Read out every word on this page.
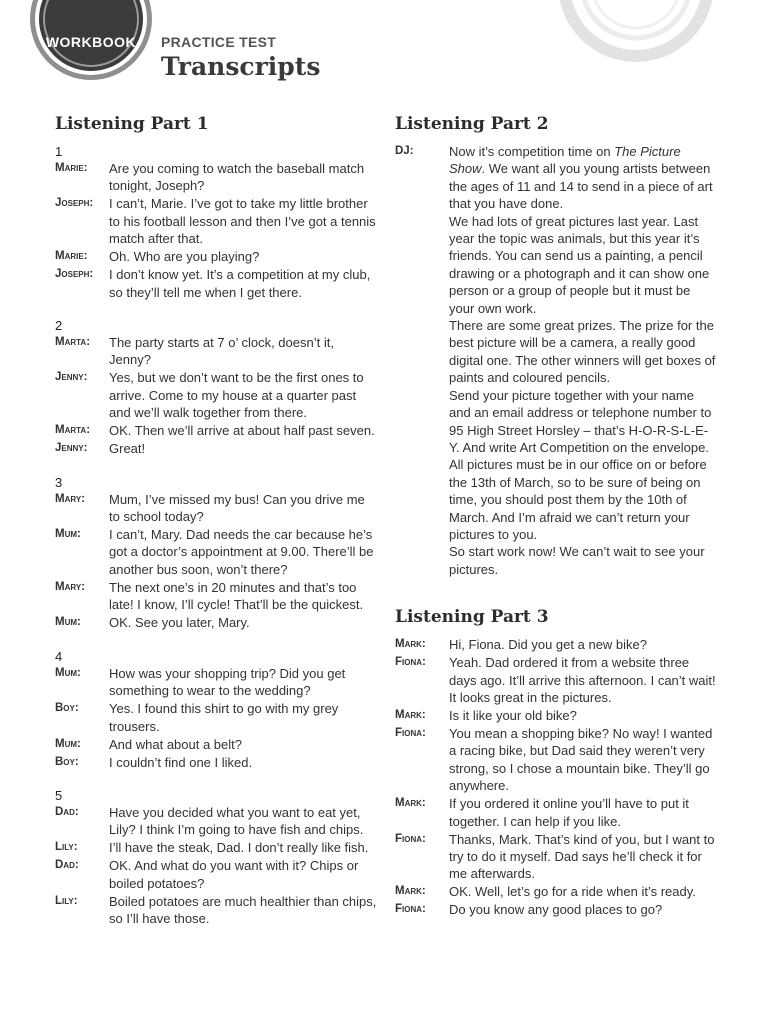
WORKBOOK	PRACTICE TEST
Transcripts
Listening Part 1
1
Marie:	Are you coming to watch the baseball match tonight, Joseph?
Joseph:	I can’t, Marie. I’ve got to take my little brother to his football lesson and then I’ve got a tennis match after that.
Marie:	Oh. Who are you playing?
Joseph:	I don’t know yet. It’s a competition at my club, so they’ll tell me when I get there.
2
Marta:	The party starts at 7 o’ clock, doesn’t it, Jenny?
Jenny:	Yes, but we don’t want to be the first ones to arrive. Come to my house at a quarter past and we’ll walk together from there.
Marta:	OK. Then we’ll arrive at about half past seven.
Jenny:	Great!
3
Mary:	Mum, I’ve missed my bus! Can you drive me to school today?
Mum:	I can’t, Mary. Dad needs the car because he’s got a doctor’s appointment at 9.00. There’ll be another bus soon, won’t there?
Mary:	The next one’s in 20 minutes and that’s too late! I know, I’ll cycle! That’ll be the quickest.
Mum:	OK. See you later, Mary.
4
Mum:	How was your shopping trip? Did you get something to wear to the wedding?
Boy:	Yes. I found this shirt to go with my grey trousers.
Mum:	And what about a belt?
Boy:	I couldn’t find one I liked.
5
Dad:	Have you decided what you want to eat yet, Lily? I think I’m going to have fish and chips.
Lily:	I’ll have the steak, Dad. I don’t really like fish.
Dad:	OK. And what do you want with it? Chips or boiled potatoes?
Lily:	Boiled potatoes are much healthier than chips, so I’ll have those.
Listening Part 2
DJ:	Now it’s competition time on The Picture Show. We want all you young artists between the ages of 11 and 14 to send in a piece of art that you have done.

We had lots of great pictures last year. Last year the topic was animals, but this year it’s friends. You can send us a painting, a pencil drawing or a photograph and it can show one person or a group of people but it must be your own work.

There are some great prizes. The prize for the best picture will be a camera, a really good digital one. The other winners will get boxes of paints and coloured pencils.

Send your picture together with your name and an email address or telephone number to 95 High Street Horsley – that’s H-O-R-S-L-E-Y. And write Art Competition on the envelope.

All pictures must be in our office on or before the 13th of March, so to be sure of being on time, you should post them by the 10th of March. And I’m afraid we can’t return your pictures to you.

So start work now! We can’t wait to see your pictures.

Listening Part 3
Mark:	Hi, Fiona. Did you get a new bike?
Fiona:	Yeah. Dad ordered it from a website three days ago. It’ll arrive this afternoon. I can’t wait! It looks great in the pictures.
Mark:	Is it like your old bike?
Fiona:	You mean a shopping bike? No way! I wanted a racing bike, but Dad said they weren’t very strong, so I chose a mountain bike. They’ll go anywhere.
Mark:	If you ordered it online you’ll have to put it together. I can help if you like.
Fiona:	Thanks, Mark. That’s kind of you, but I want to try to do it myself. Dad says he’ll check it for me afterwards.
Mark:	OK. Well, let’s go for a ride when it’s ready.
Fiona:	Do you know any good places to go?
